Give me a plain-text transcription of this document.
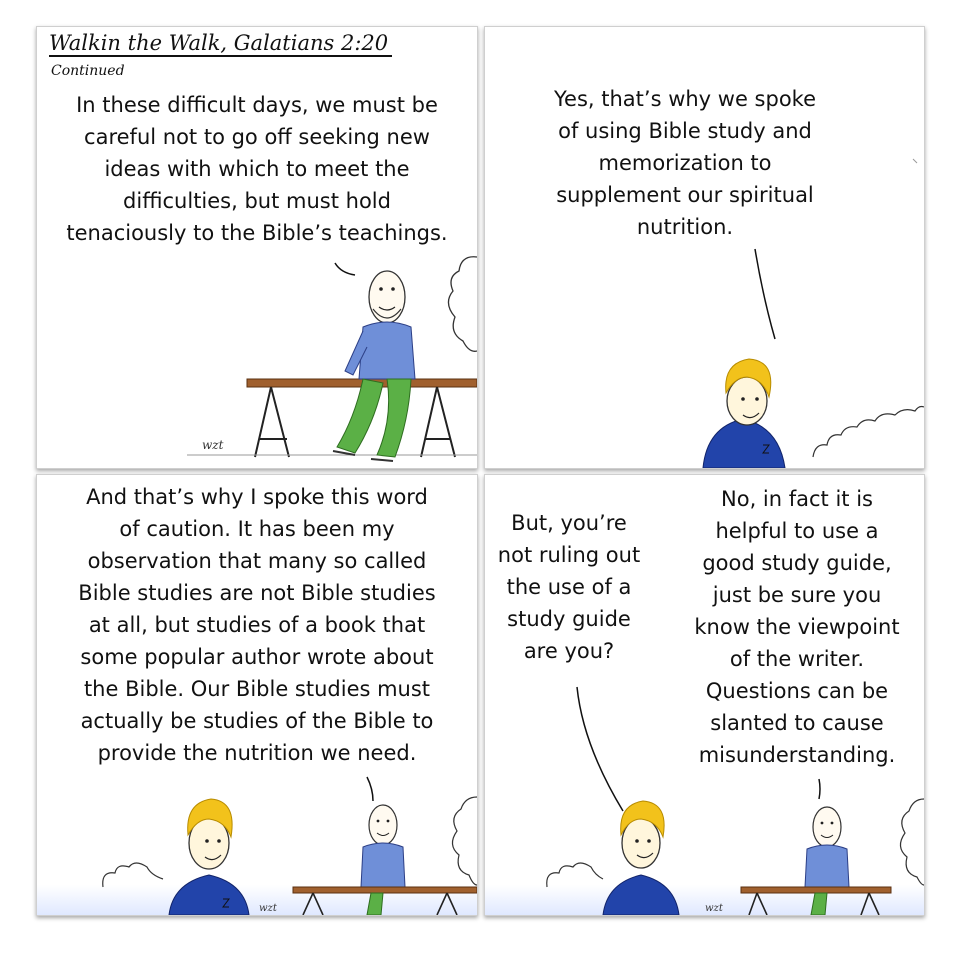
Walkin the Walk, Galatians 2:20
Continued
In these difficult days, we must be
careful not to go off seeking new
ideas with which to meet the
difficulties, but must hold
tenaciously to the Bible’s teachings.
wzt
Yes, that’s why we spoke
of using Bible study and
memorization to
supplement our spiritual
nutrition.
And that’s why I spoke this word
of caution. It has been my
observation that many so called
Bible studies are not Bible studies
at all, but studies of a book that
some popular author wrote about
the Bible. Our Bible studies must
actually be studies of the Bible to
provide the nutrition we need.
wzt
But, you’re
not ruling out
the use of a
study guide
are you?
No, in fact it is
helpful to use a
good study guide,
just be sure you
know the viewpoint
of the writer.
Questions can be
slanted to cause
misunderstanding.
wzt
